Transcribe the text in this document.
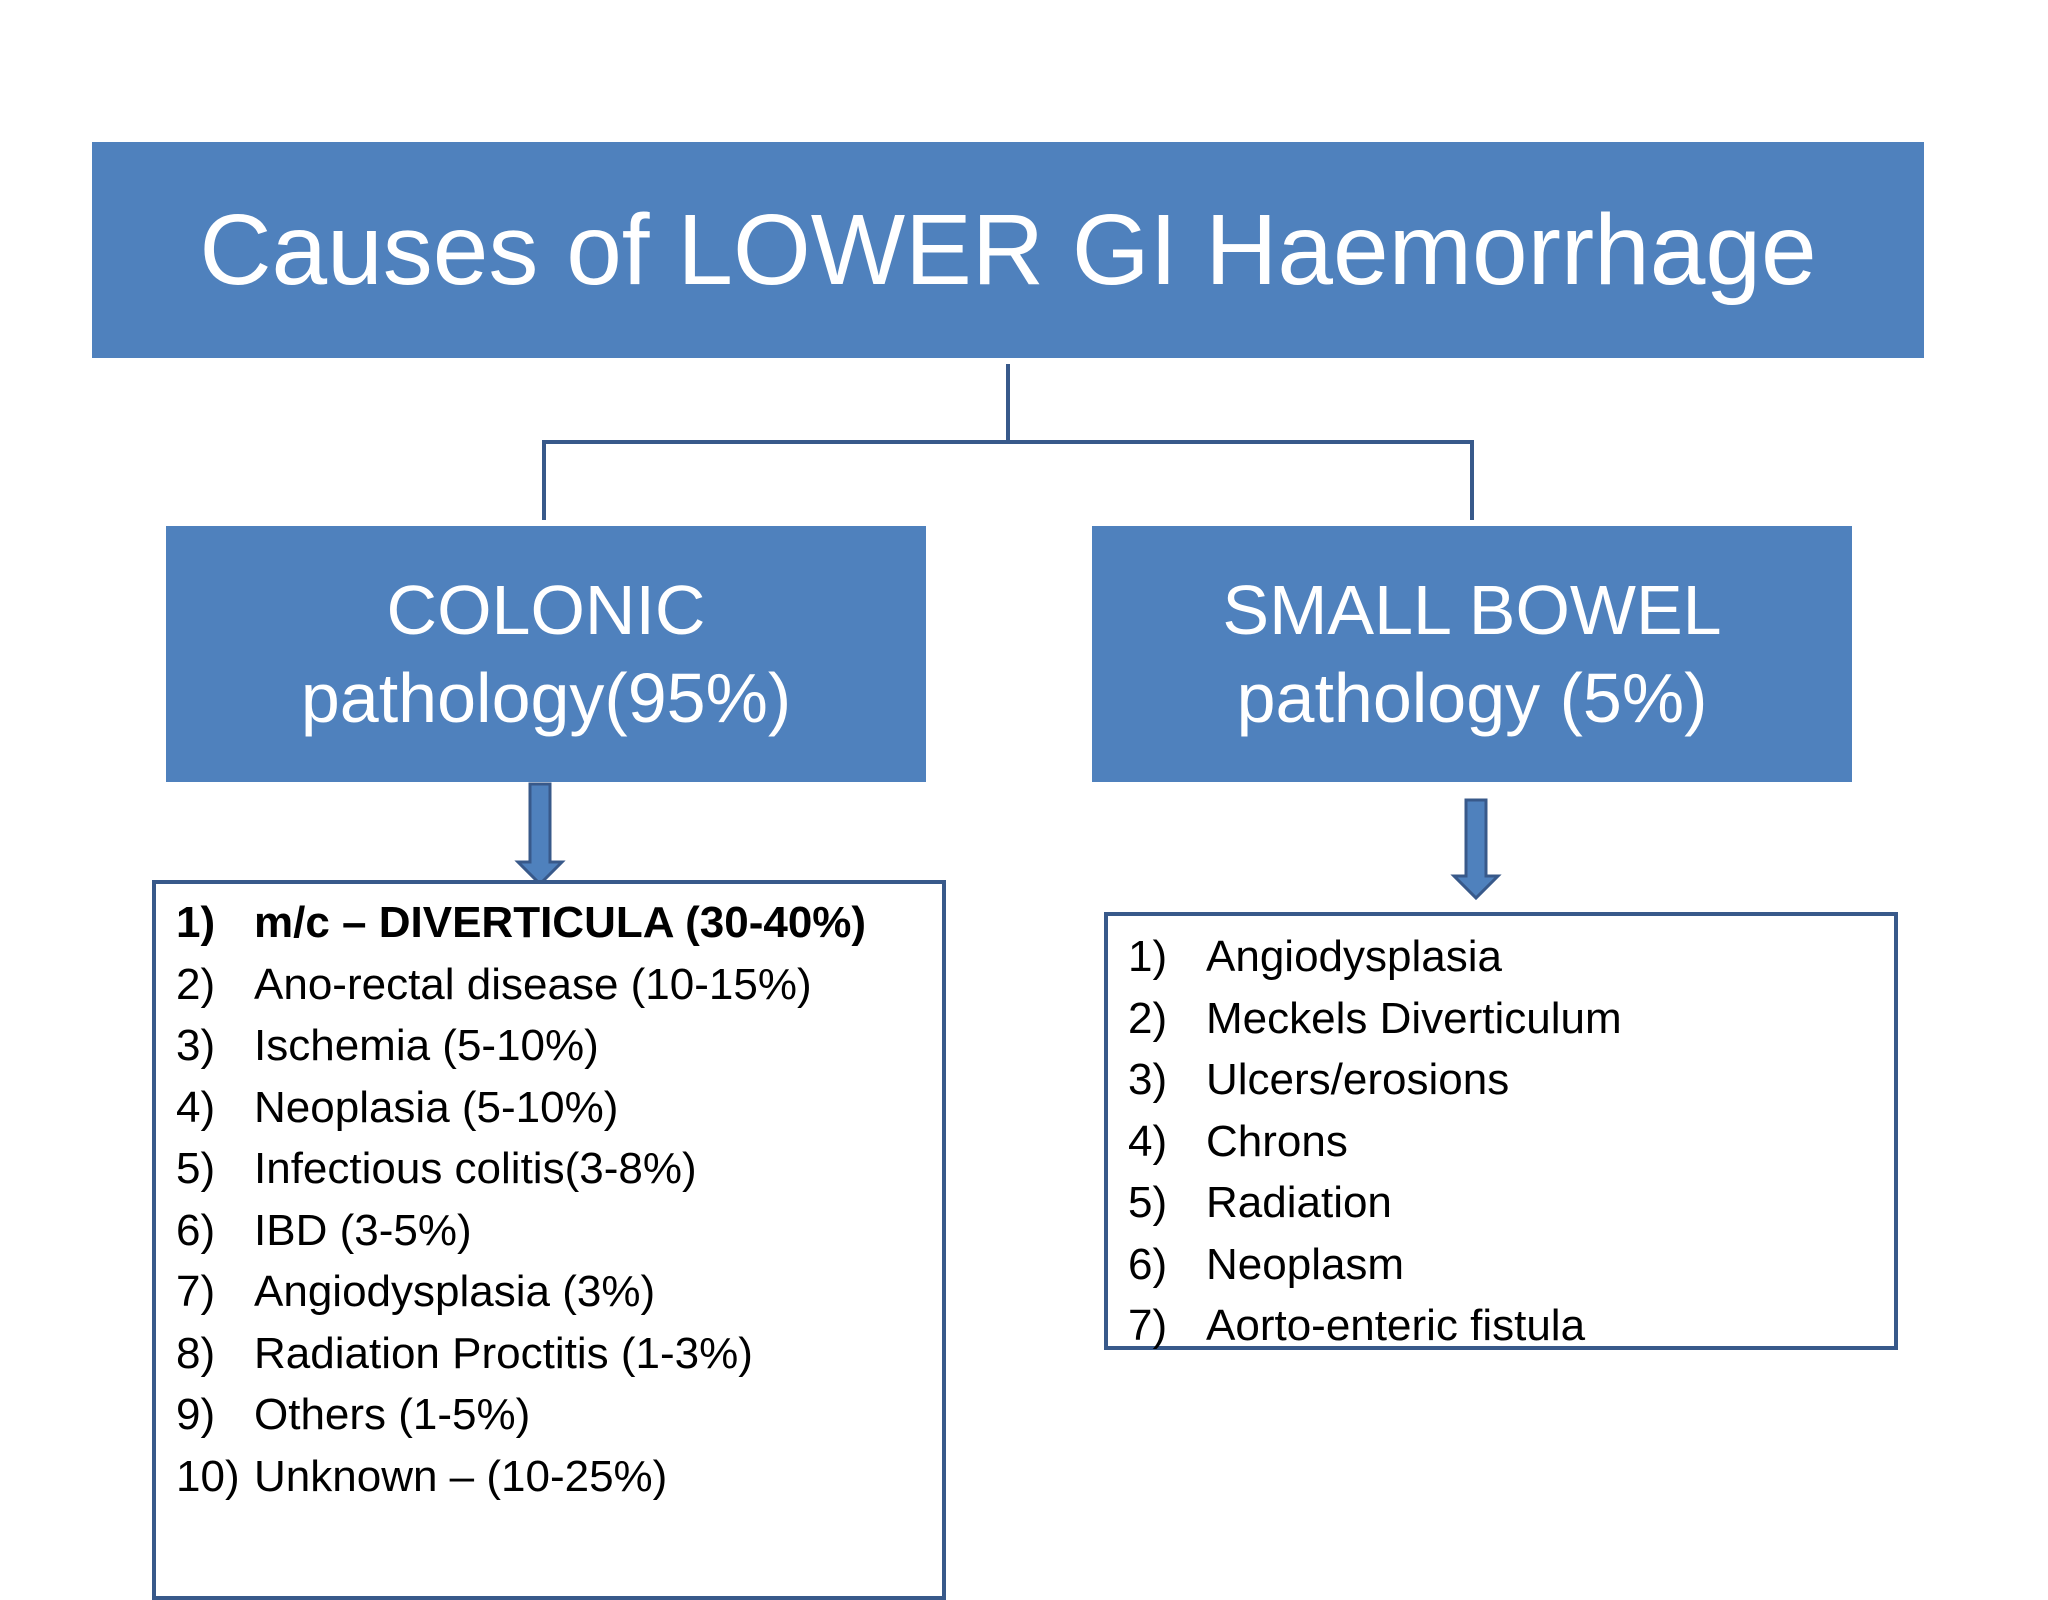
Causes of LOWER GI Haemorrhage
COLONIC
pathology(95%)
SMALL BOWEL
pathology (5%)
1) m/c – DIVERTICULA (30-40%)
2) Ano-rectal disease (10-15%)
3) Ischemia (5-10%)
4) Neoplasia (5-10%)
5) Infectious colitis(3-8%)
6) IBD (3-5%)
7) Angiodysplasia (3%)
8) Radiation Proctitis (1-3%)
9) Others (1-5%)
10) Unknown – (10-25%)
1) Angiodysplasia
2) Meckels Diverticulum
3) Ulcers/erosions
4) Chrons
5) Radiation
6) Neoplasm
7) Aorto-enteric fistula
